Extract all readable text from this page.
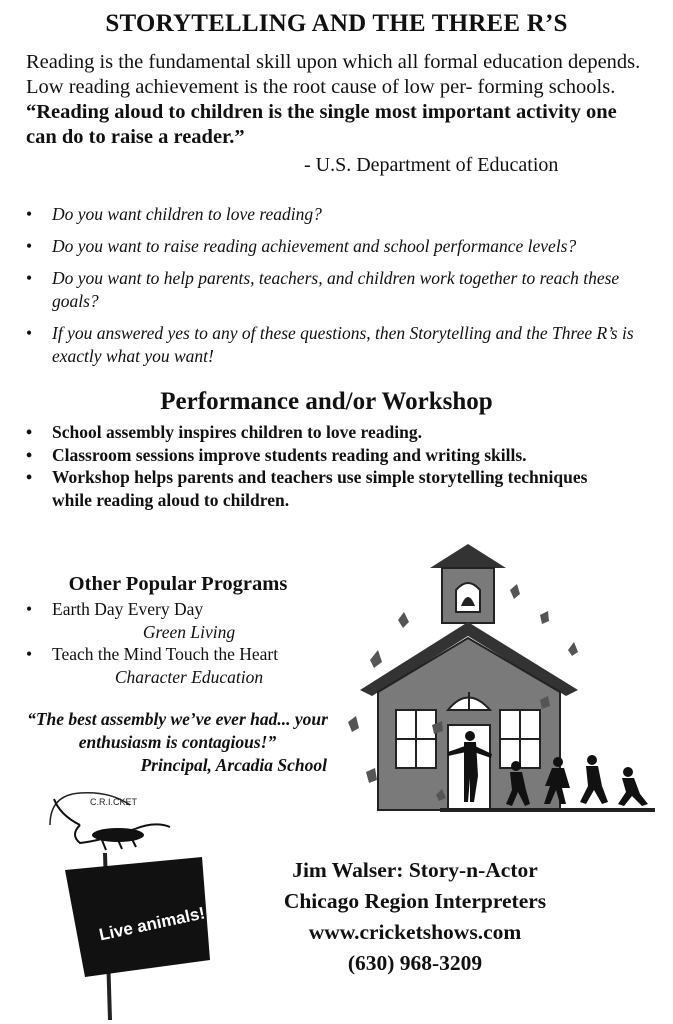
STORYTELLING AND THE THREE R’S

Reading is the fundamental skill upon which all formal education depends. Low reading achievement is the root cause of low per- forming schools. “Reading aloud to children is the single most important activity one can do to raise a reader.”

- U.S. Department of Education

• Do you want children to love reading?
• Do you want to raise reading achievement and school performance levels?
• Do you want to help parents, teachers, and children work together to reach these goals?
• If you answered yes to any of these questions, then Storytelling and the Three R’s is exactly what you want!
Performance and/or Workshop
• School assembly inspires children to love reading.
• Classroom sessions improve students reading and writing skills.
• Workshop helps parents and teachers use simple storytelling techniques while reading aloud to children.
Other Popular Programs
• Earth Day Every Day
Green Living
• Teach the Mind Touch the Heart
Character Education

“The best assembly we’ve ever had... your enthusiasm is contagious!”
Principal, Arcadia School

C.R.I.CKET
Live animals!
Jim Walser: Story-n-Actor
Chicago Region Interpreters
www.cricketshows.com
(630) 968-3209
